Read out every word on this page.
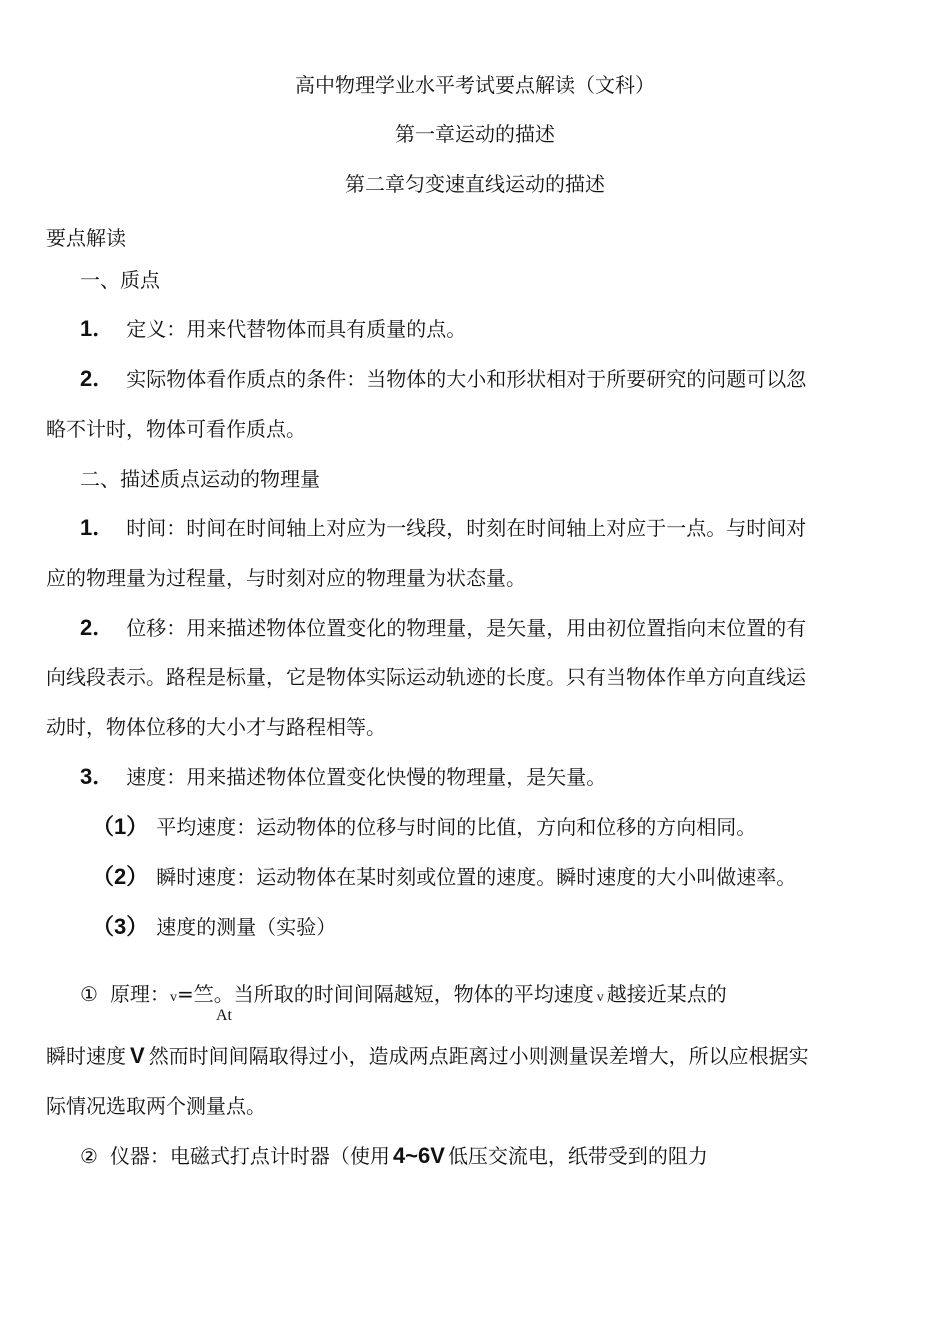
高中物理学业水平考试要点解读（文科）
第一章运动的描述
第二章匀变速直线运动的描述
要点解读
一、质点
1． 定义：用来代替物体而具有质量的点。
2． 实际物体看作质点的条件：当物体的大小和形状相对于所要研究的问题可以忽
略不计时，物体可看作质点。
二、描述质点运动的物理量
1． 时间：时间在时间轴上对应为一线段，时刻在时间轴上对应于一点。与时间对
应的物理量为过程量，与时刻对应的物理量为状态量。
2． 位移：用来描述物体位置变化的物理量，是矢量，用由初位置指向末位置的有
向线段表示。路程是标量，它是物体实际运动轨迹的长度。只有当物体作单方向直线运
动时，物体位移的大小才与路程相等。
3． 速度：用来描述物体位置变化快慢的物理量，是矢量。
（1） 平均速度：运动物体的位移与时间的比值，方向和位移的方向相同。
（2） 瞬时速度：运动物体在某时刻或位置的速度。瞬时速度的大小叫做速率。
（3） 速度的测量（实验）
① 原理：v=竺。当所取的时间间隔越短，物体的平均速度 v 越接近某点的
At
瞬时速度 V 然而时间间隔取得过小，造成两点距离过小则测量误差增大，所以应根据实
际情况选取两个测量点。
② 仪器：电磁式打点计时器（使用 4~6V 低压交流电，纸带受到的阻力
